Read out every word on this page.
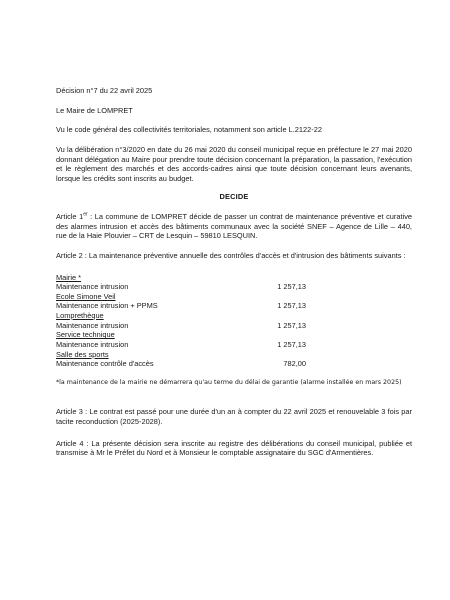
Décision n°7 du 22 avril 2025

Le Maire de LOMPRET

Vu le code général des collectivités territoriales, notamment son article L.2122-22

Vu la délibération n°3/2020 en date du 26 mai 2020 du conseil municipal reçue en préfecture le 27 mai 2020 donnant délégation au Maire pour prendre toute décision concernant la préparation, la passation, l'exécution et le règlement des marchés et des accords-cadres ainsi que toute décision concernant leurs avenants, lorsque les crédits sont inscrits au budget.

DECIDE

Article 1er : La commune de LOMPRET décide de passer un contrat de maintenance préventive et curative des alarmes intrusion et accès des bâtiments communaux avec la société SNEF – Agence de Lille – 440, rue de la Haie Plouvier – CRT de Lesquin – 59810 LESQUIN.

Article 2 : La maintenance préventive annuelle des contrôles d'accès et d'intrusion des bâtiments suivants :

Mairie *
Maintenance intrusion	1 257,13
Ecole Simone Veil
Maintenance intrusion + PPMS	1 257,13
Lomprethèque
Maintenance intrusion	1 257,13
Service technique
Maintenance intrusion	1 257,13
Salle des sports
Maintenance contrôle d'accès	782,00

*la maintenance de la mairie ne démarrera qu'au terme du délai de garantie (alarme installée en mars 2025)

Article 3 : Le contrat est passé pour une durée d'un an à compter du 22 avril 2025 et renouvelable 3 fois par tacite reconduction (2025-2028).

Article 4 : La présente décision sera inscrite au registre des délibérations du conseil municipal, publiée et transmise à Mr le Préfet du Nord et à Monsieur le comptable assignataire du SGC d'Armentières.
